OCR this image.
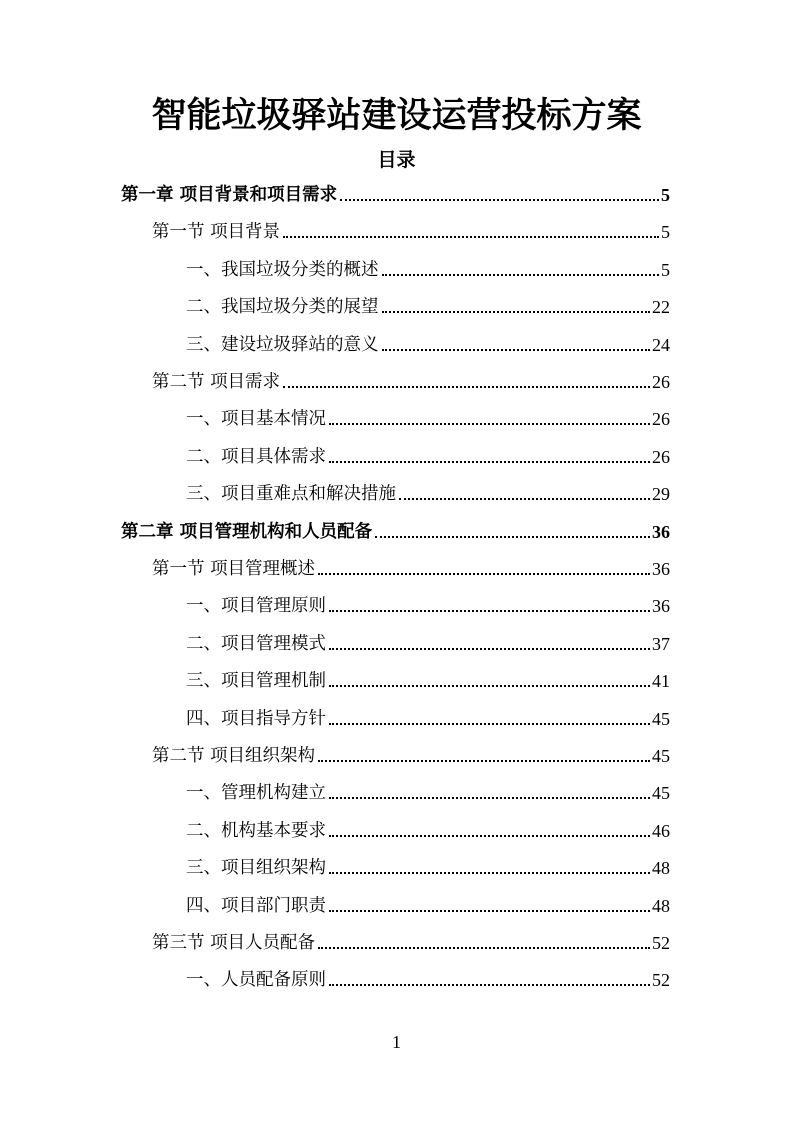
智能垃圾驿站建设运营投标方案
目录
第一章 项目背景和项目需求	5
第一节 项目背景	5
一、我国垃圾分类的概述	5
二、我国垃圾分类的展望	22
三、建设垃圾驿站的意义	24
第二节 项目需求	26
一、项目基本情况	26
二、项目具体需求	26
三、项目重难点和解决措施	29
第二章 项目管理机构和人员配备	36
第一节 项目管理概述	36
一、项目管理原则	36
二、项目管理模式	37
三、项目管理机制	41
四、项目指导方针	45
第二节 项目组织架构	45
一、管理机构建立	45
二、机构基本要求	46
三、项目组织架构	48
四、项目部门职责	48
第三节 项目人员配备	52
一、人员配备原则	52
1
